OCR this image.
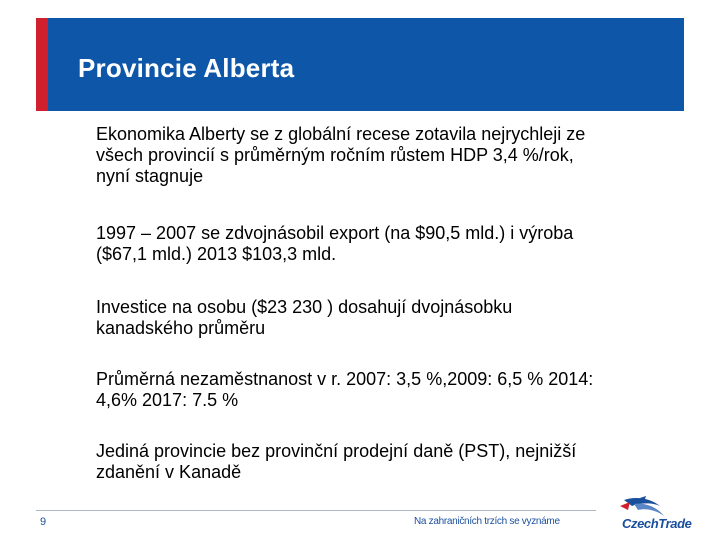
Provincie Alberta

Ekonomika Alberty se z globální recese zotavila nejrychleji ze
všech provincií s průměrným ročním růstem HDP 3,4 %/rok,
nyní stagnuje

1997 – 2007 se zdvojnásobil export (na $90,5 mld.) i výroba
($67,1 mld.) 2013 $103,3 mld.

Investice na osobu ($23 230 ) dosahují dvojnásobku
kanadského průměru

Průměrná nezaměstnanost v r. 2007: 3,5 %,2009: 6,5 % 2014:
4,6% 2017: 7.5 %

Jediná provincie bez provinční prodejní daně (PST), nejnižší
zdanění v Kanadě

9	Na zahraničních trzích se vyznáme	CzechTrade
